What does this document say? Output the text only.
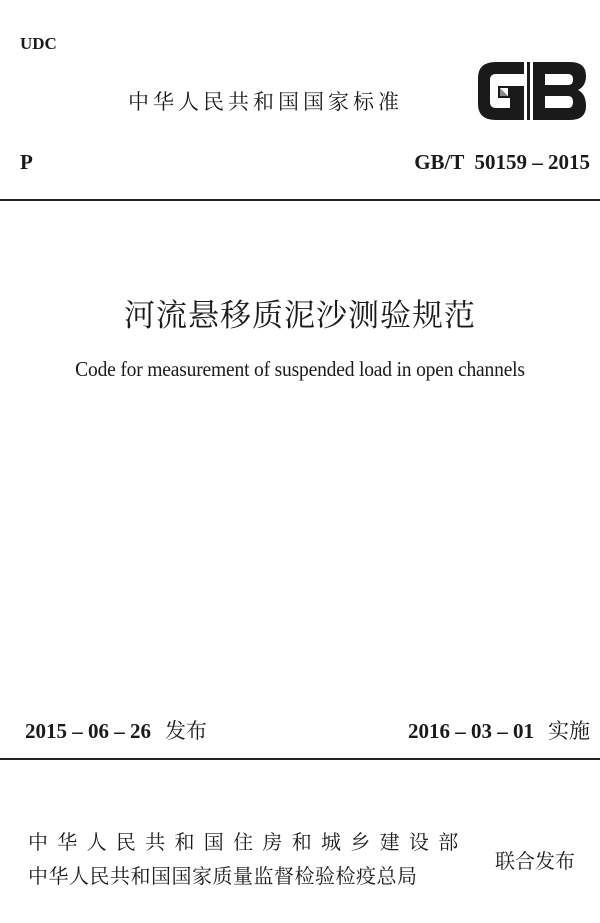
UDC
中华人民共和国国家标准
P	GB/T  50159 – 2015
河流悬移质泥沙测验规范
Code for measurement of suspended load in open channels
2015 – 06 – 26 发布	2016 – 03 – 01 实施
中华人民共和国住房和城乡建设部
中华人民共和国国家质量监督检验检疫总局
联合发布
